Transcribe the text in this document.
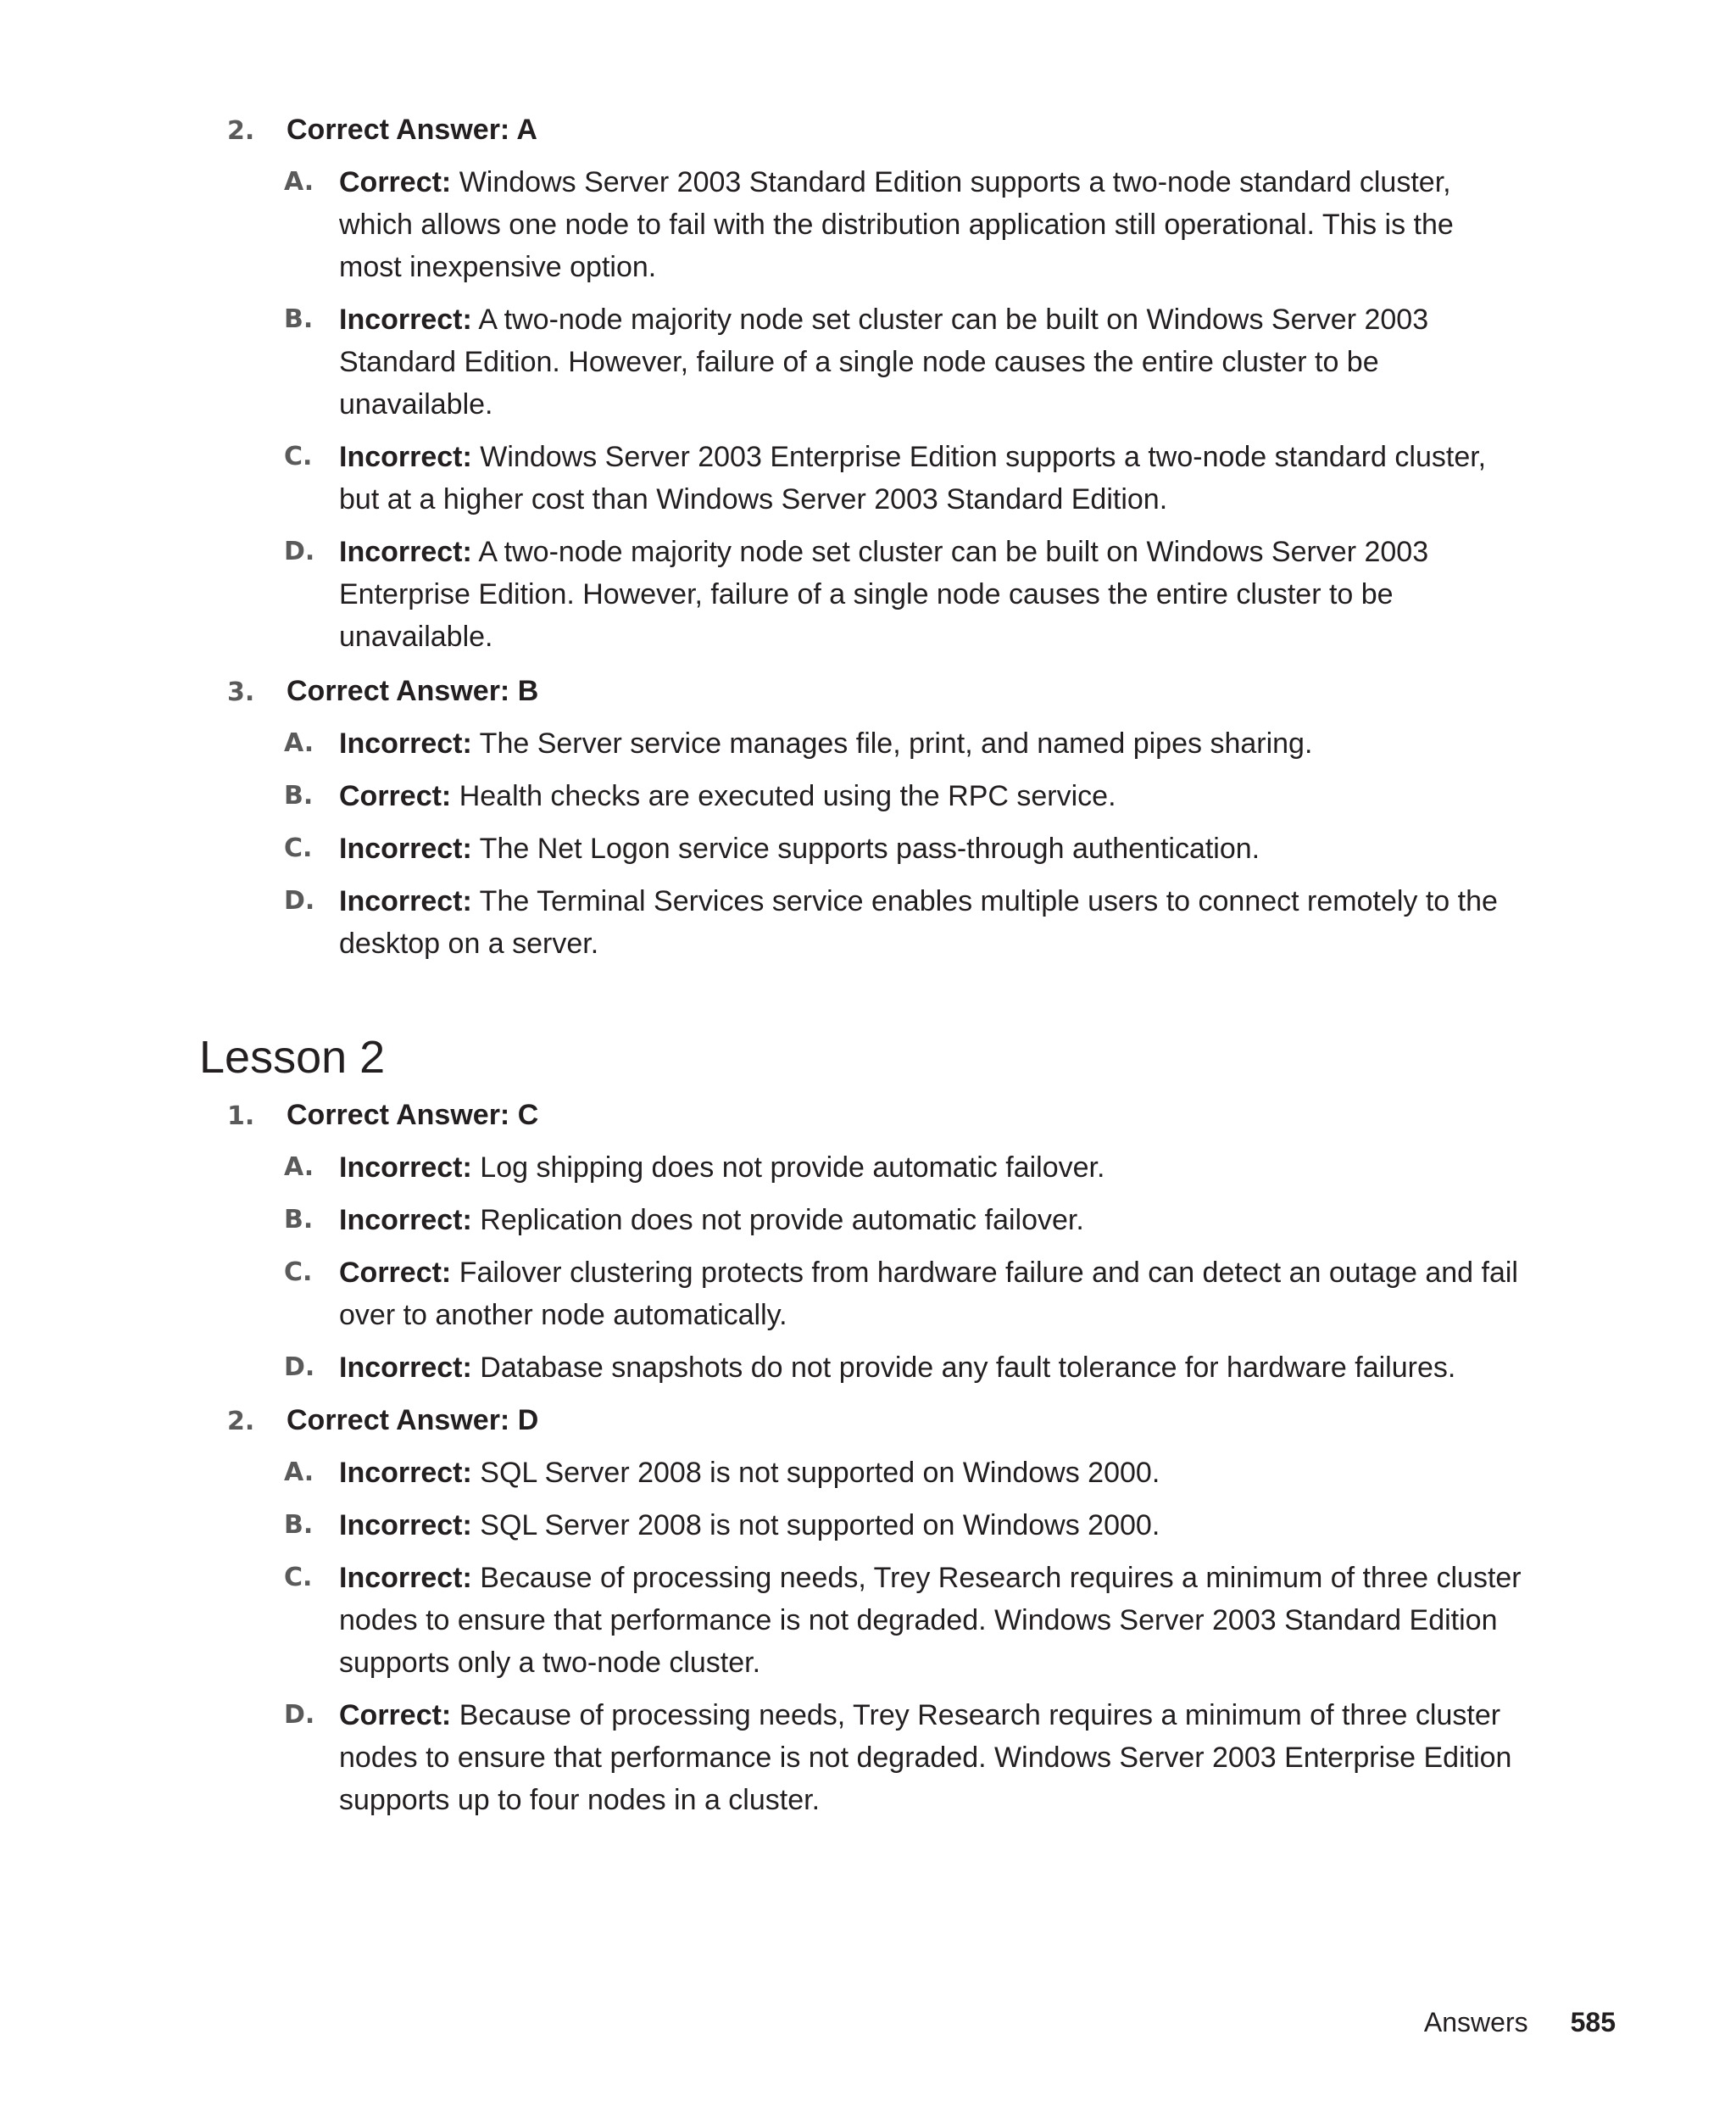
2. Correct Answer: A
A. Correct: Windows Server 2003 Standard Edition supports a two-node standard cluster, which allows one node to fail with the distribution application still operational. This is the most inexpensive option.
B. Incorrect: A two-node majority node set cluster can be built on Windows Server 2003 Standard Edition. However, failure of a single node causes the entire cluster to be unavailable.
C. Incorrect: Windows Server 2003 Enterprise Edition supports a two-node standard cluster, but at a higher cost than Windows Server 2003 Standard Edition.
D. Incorrect: A two-node majority node set cluster can be built on Windows Server 2003 Enterprise Edition. However, failure of a single node causes the entire cluster to be unavailable.
3. Correct Answer: B
A. Incorrect: The Server service manages file, print, and named pipes sharing.
B. Correct: Health checks are executed using the RPC service.
C. Incorrect: The Net Logon service supports pass-through authentication.
D. Incorrect: The Terminal Services service enables multiple users to connect remotely to the desktop on a server.
Lesson 2
1. Correct Answer: C
A. Incorrect: Log shipping does not provide automatic failover.
B. Incorrect: Replication does not provide automatic failover.
C. Correct: Failover clustering protects from hardware failure and can detect an outage and fail over to another node automatically.
D. Incorrect: Database snapshots do not provide any fault tolerance for hardware failures.
2. Correct Answer: D
A. Incorrect: SQL Server 2008 is not supported on Windows 2000.
B. Incorrect: SQL Server 2008 is not supported on Windows 2000.
C. Incorrect: Because of processing needs, Trey Research requires a minimum of three cluster nodes to ensure that performance is not degraded. Windows Server 2003 Standard Edition supports only a two-node cluster.
D. Correct: Because of processing needs, Trey Research requires a minimum of three cluster nodes to ensure that performance is not degraded. Windows Server 2003 Enterprise Edition supports up to four nodes in a cluster.
Answers 585
